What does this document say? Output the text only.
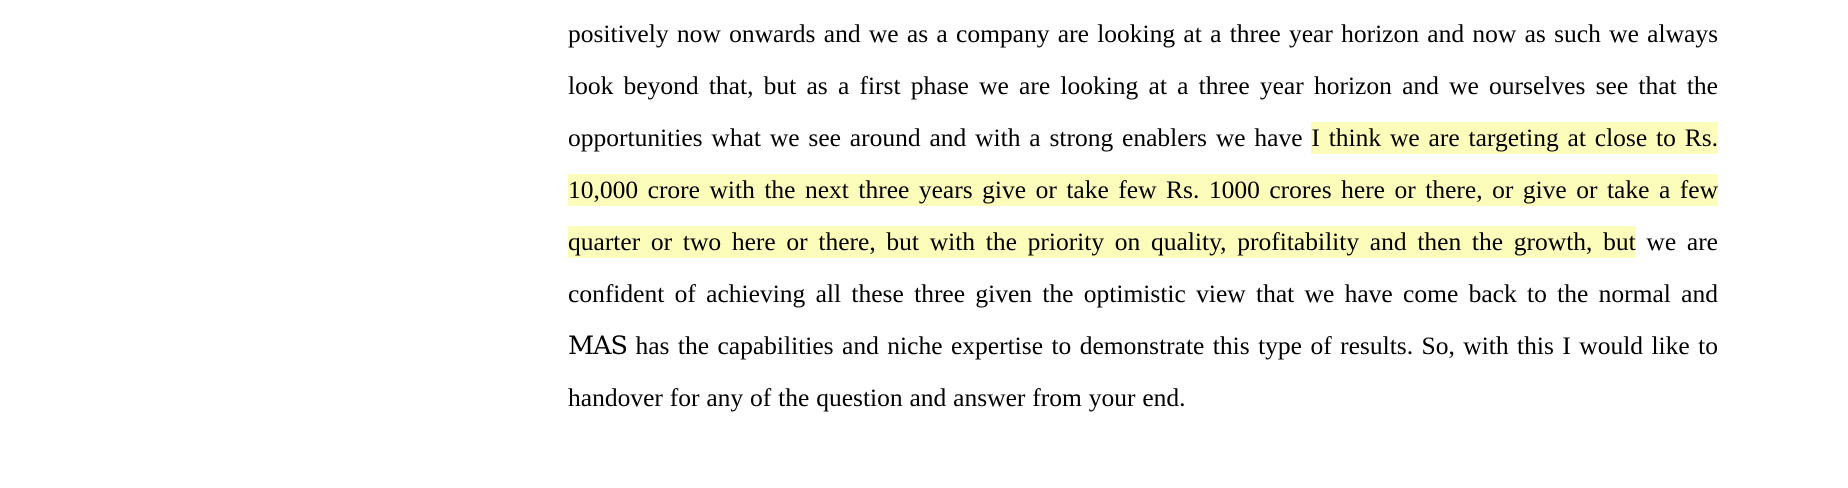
positively now onwards and we as a company are looking at a three year horizon and now as such we always look beyond that, but as a first phase we are looking at a three year horizon and we ourselves see that the opportunities what we see around and with a strong enablers we have I think we are targeting at close to Rs. 10,000 crore with the next three years give or take few Rs. 1000 crores here or there, or give or take a few quarter or two here or there, but with the priority on quality, profitability and then the growth, but we are confident of achieving all these three given the optimistic view that we have come back to the normal and MAS has the capabilities and niche expertise to demonstrate this type of results. So, with this I would like to handover for any of the question and answer from your end.
